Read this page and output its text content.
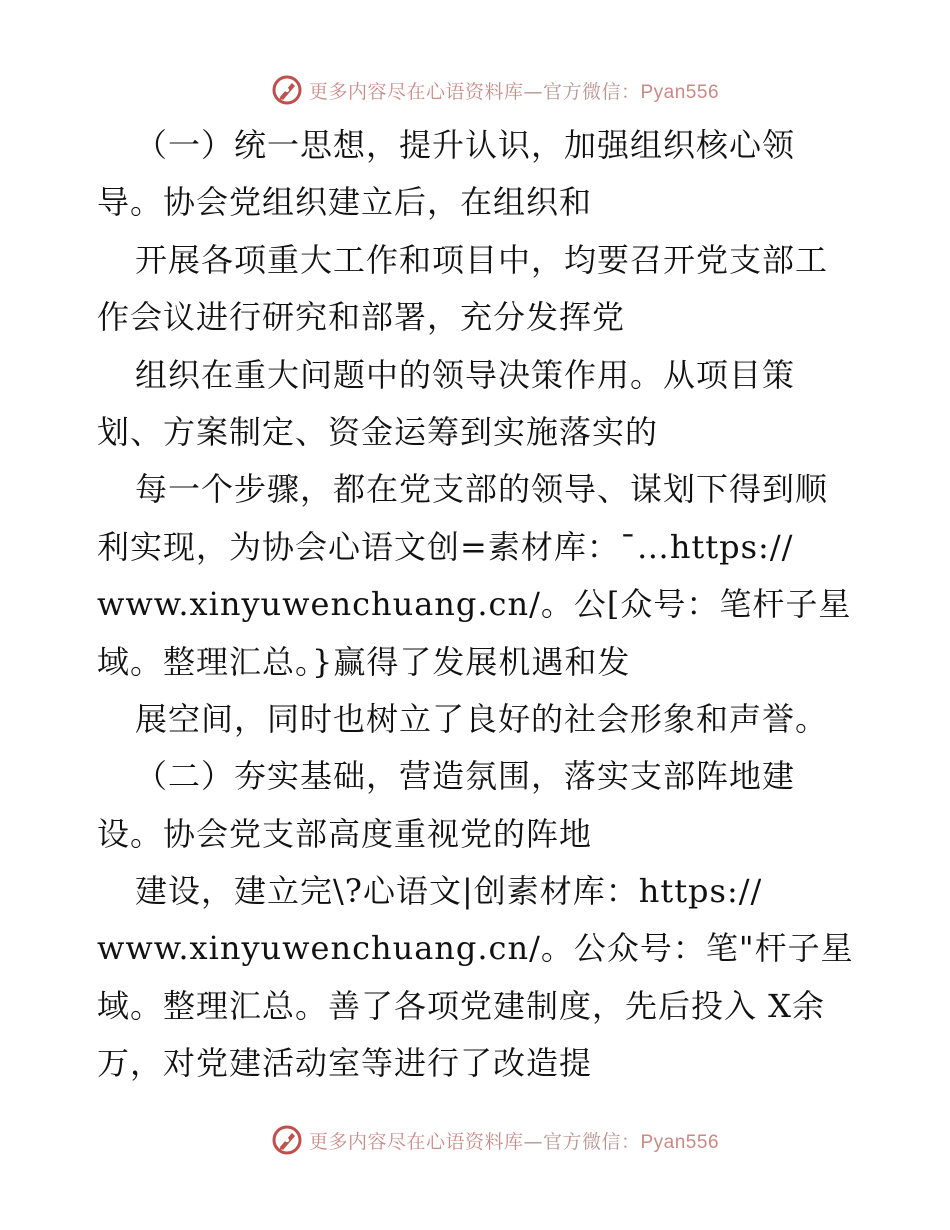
更多内容尽在心语资料库—官方微信：Pyan556
（一）统一思想，提升认识，加强组织核心领
导。协会党组织建立后，在组织和
开展各项重大工作和项目中，均要召开党支部工
作会议进行研究和部署，充分发挥党
组织在重大问题中的领导决策作用。从项目策
划、方案制定、资金运筹到实施落实的
每一个步骤，都在党支部的领导、谋划下得到顺
利实现，为协会心语文创=素材库：¯…https://
www.xinyuwenchuang.cn/。公[众号：笔杆子星
域。整理汇总。}赢得了发展机遇和发
展空间，同时也树立了良好的社会形象和声誉。
（二）夯实基础，营造氛围，落实支部阵地建
设。协会党支部高度重视党的阵地
建设，建立完\?心语文|创素材库：https://
www.xinyuwenchuang.cn/。公众号：笔"杆子星
域。整理汇总。善了各项党建制度，先后投入 X余
万，对党建活动室等进行了改造提
更多内容尽在心语资料库—官方微信：Pyan556
